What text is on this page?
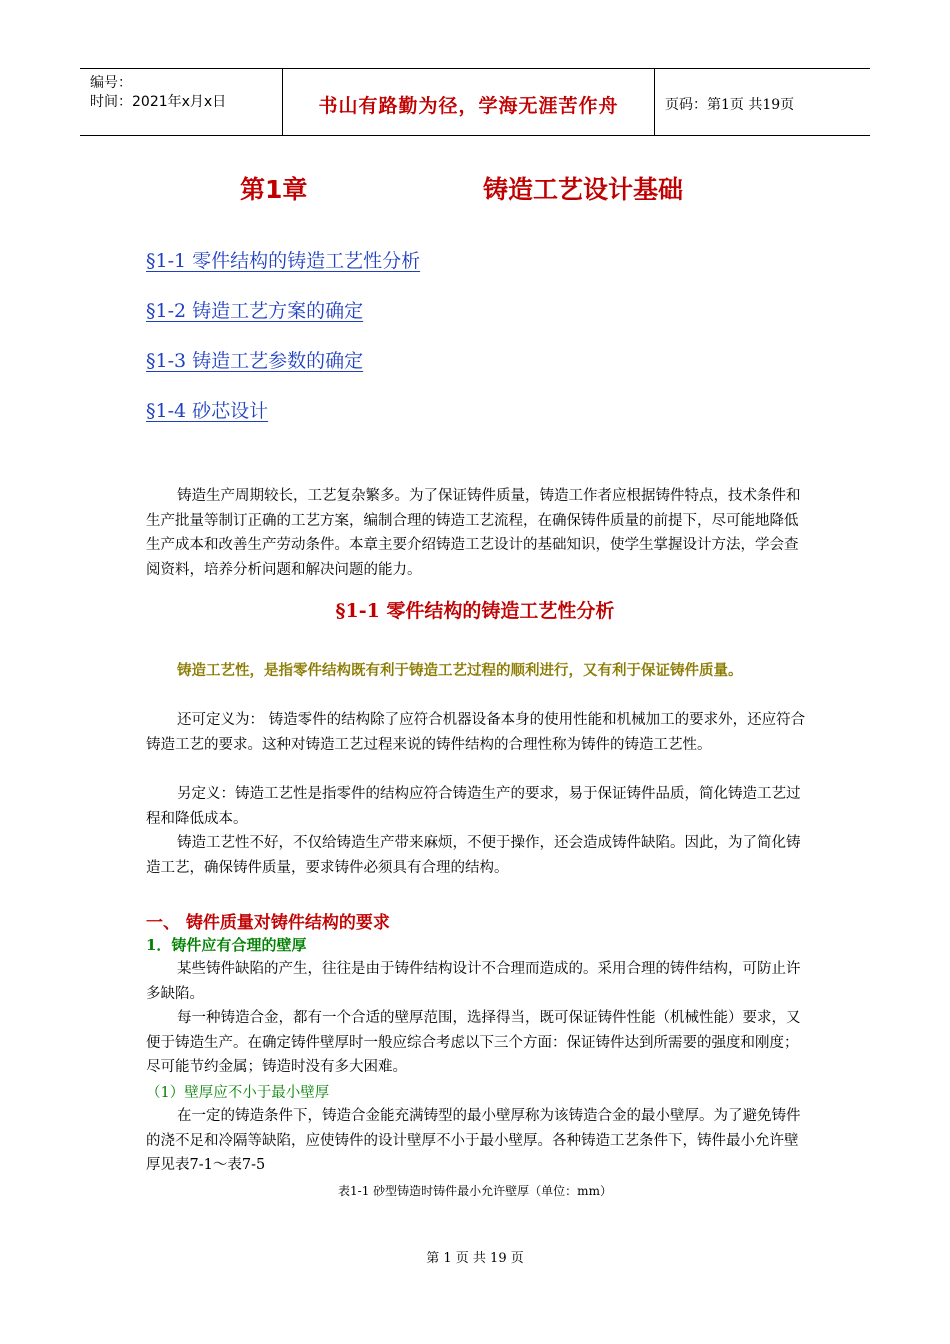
编号：
时间：2021年x月x日	书山有路勤为径，学海无涯苦作舟	页码：第1页 共19页
第1章	铸造工艺设计基础
§1-1 零件结构的铸造工艺性分析
§1-2 铸造工艺方案的确定
§1-3 铸造工艺参数的确定
§1-4 砂芯设计
铸造生产周期较长，工艺复杂繁多。为了保证铸件质量，铸造工作者应根据铸件特点，技术条件和生产批量等制订正确的工艺方案，编制合理的铸造工艺流程，在确保铸件质量的前提下，尽可能地降低生产成本和改善生产劳动条件。本章主要介绍铸造工艺设计的基础知识，使学生掌握设计方法，学会查阅资料，培养分析问题和解决问题的能力。
§1-1 零件结构的铸造工艺性分析
铸造工艺性，是指零件结构既有利于铸造工艺过程的顺利进行，又有利于保证铸件质量。
还可定义为： 铸造零件的结构除了应符合机器设备本身的使用性能和机械加工的要求外，还应符合铸造工艺的要求。这种对铸造工艺过程来说的铸件结构的合理性称为铸件的铸造工艺性。
另定义：铸造工艺性是指零件的结构应符合铸造生产的要求，易于保证铸件品质，简化铸造工艺过程和降低成本。
铸造工艺性不好，不仅给铸造生产带来麻烦，不便于操作，还会造成铸件缺陷。因此，为了简化铸造工艺，确保铸件质量，要求铸件必须具有合理的结构。
一、 铸件质量对铸件结构的要求
1．铸件应有合理的壁厚
某些铸件缺陷的产生，往往是由于铸件结构设计不合理而造成的。采用合理的铸件结构，可防止许多缺陷。
每一种铸造合金，都有一个合适的壁厚范围，选择得当，既可保证铸件性能（机械性能）要求，又便于铸造生产。在确定铸件壁厚时一般应综合考虑以下三个方面：保证铸件达到所需要的强度和刚度；尽可能节约金属；铸造时没有多大困难。
（1）壁厚应不小于最小壁厚
在一定的铸造条件下，铸造合金能充满铸型的最小壁厚称为该铸造合金的最小壁厚。为了避免铸件的浇不足和冷隔等缺陷，应使铸件的设计壁厚不小于最小壁厚。各种铸造工艺条件下，铸件最小允许壁厚见表7-1～表7-5
表1-1 砂型铸造时铸件最小允许壁厚（单位：mm）
第 1 页 共 19 页
